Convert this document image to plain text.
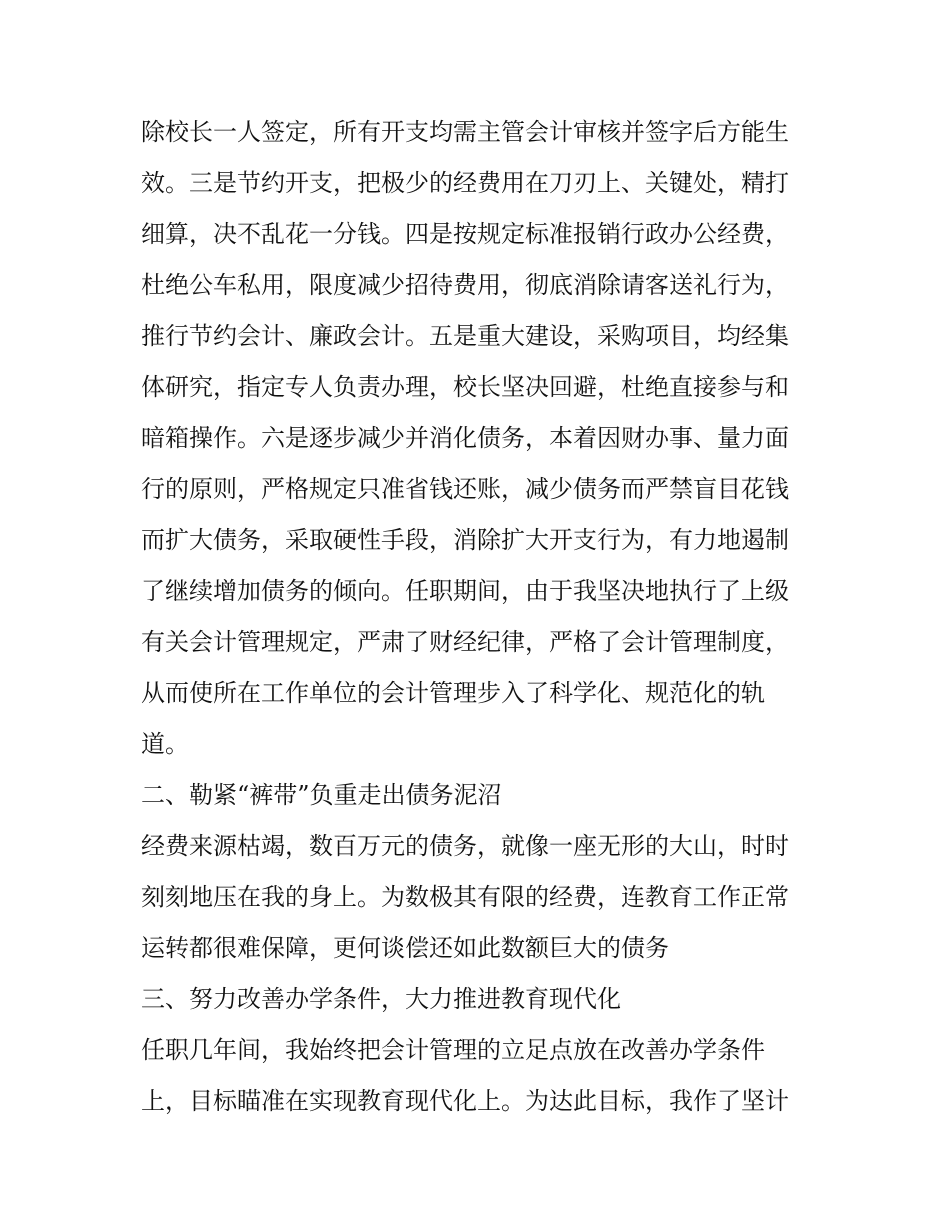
除校长一人签定，所有开支均需主管会计审核并签字后方能生
效。三是节约开支，把极少的经费用在刀刃上、关键处，精打
细算，决不乱花一分钱。四是按规定标准报销行政办公经费，
杜绝公车私用，限度减少招待费用，彻底消除请客送礼行为，
推行节约会计、廉政会计。五是重大建设，采购项目，均经集
体研究，指定专人负责办理，校长坚决回避，杜绝直接参与和
暗箱操作。六是逐步减少并消化债务，本着因财办事、量力面
行的原则，严格规定只准省钱还账，减少债务而严禁盲目花钱
而扩大债务，采取硬性手段，消除扩大开支行为，有力地遏制
了继续增加债务的倾向。任职期间，由于我坚决地执行了上级
有关会计管理规定，严肃了财经纪律，严格了会计管理制度，
从而使所在工作单位的会计管理步入了科学化、规范化的轨
道。
二、勒紧“裤带”负重走出债务泥沼
经费来源枯竭，数百万元的债务，就像一座无形的大山，时时
刻刻地压在我的身上。为数极其有限的经费，连教育工作正常
运转都很难保障，更何谈偿还如此数额巨大的债务
三、努力改善办学条件，大力推进教育现代化
任职几年间，我始终把会计管理的立足点放在改善办学条件
上，目标瞄准在实现教育现代化上。为达此目标，我作了坚计
